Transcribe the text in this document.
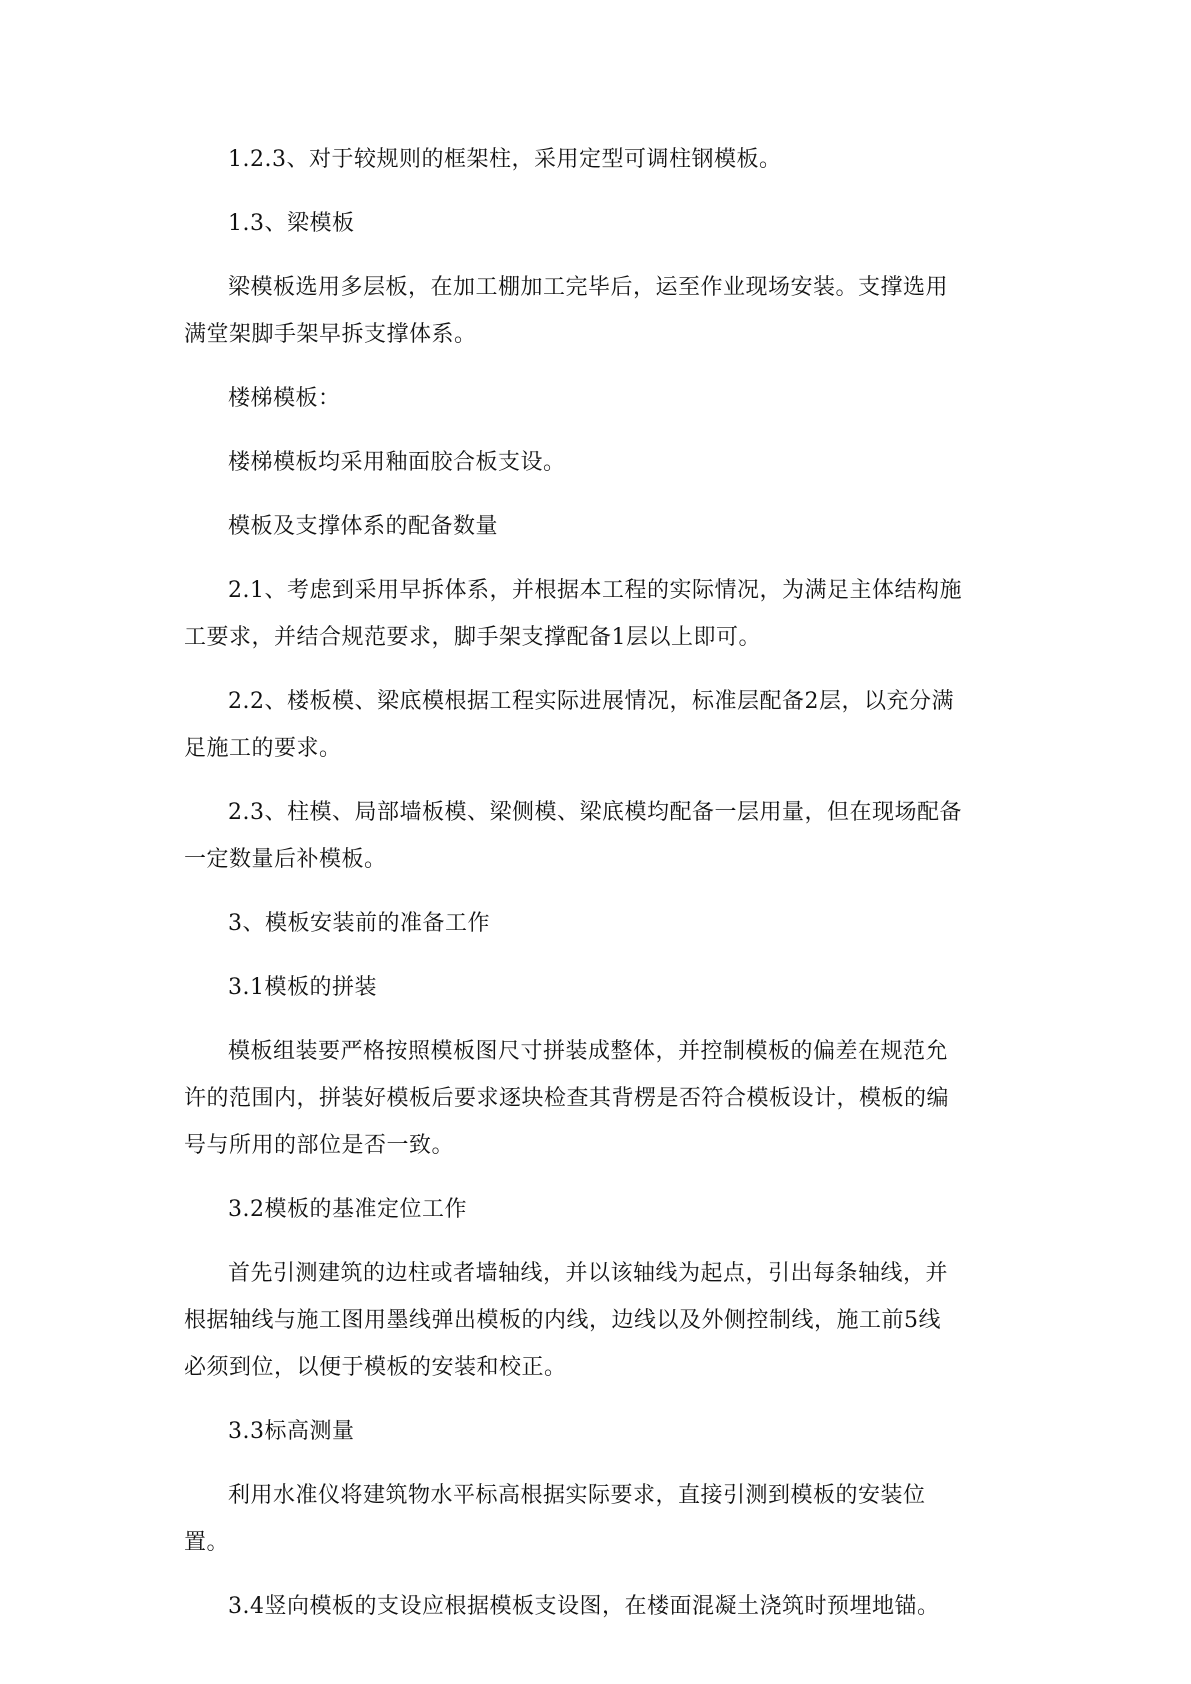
1.2.3、对于较规则的框架柱，采用定型可调柱钢模板。
1.3、梁模板
梁模板选用多层板，在加工棚加工完毕后，运至作业现场安装。支撑选用
满堂架脚手架早拆支撑体系。
楼梯模板：
楼梯模板均采用釉面胶合板支设。
模板及支撑体系的配备数量
2.1、考虑到采用早拆体系，并根据本工程的实际情况，为满足主体结构施
工要求，并结合规范要求，脚手架支撑配备1层以上即可。
2.2、楼板模、梁底模根据工程实际进展情况，标准层配备2层，以充分满
足施工的要求。
2.3、柱模、局部墙板模、梁侧模、梁底模均配备一层用量，但在现场配备
一定数量后补模板。
3、模板安装前的准备工作
3.1模板的拼装
模板组装要严格按照模板图尺寸拼装成整体，并控制模板的偏差在规范允
许的范围内，拼装好模板后要求逐块检查其背楞是否符合模板设计，模板的编
号与所用的部位是否一致。
3.2模板的基准定位工作
首先引测建筑的边柱或者墙轴线，并以该轴线为起点，引出每条轴线，并
根据轴线与施工图用墨线弹出模板的内线，边线以及外侧控制线，施工前5线
必须到位，以便于模板的安装和校正。
3.3标高测量
利用水准仪将建筑物水平标高根据实际要求，直接引测到模板的安装位
置。
3.4竖向模板的支设应根据模板支设图，在楼面混凝土浇筑时预埋地锚。
